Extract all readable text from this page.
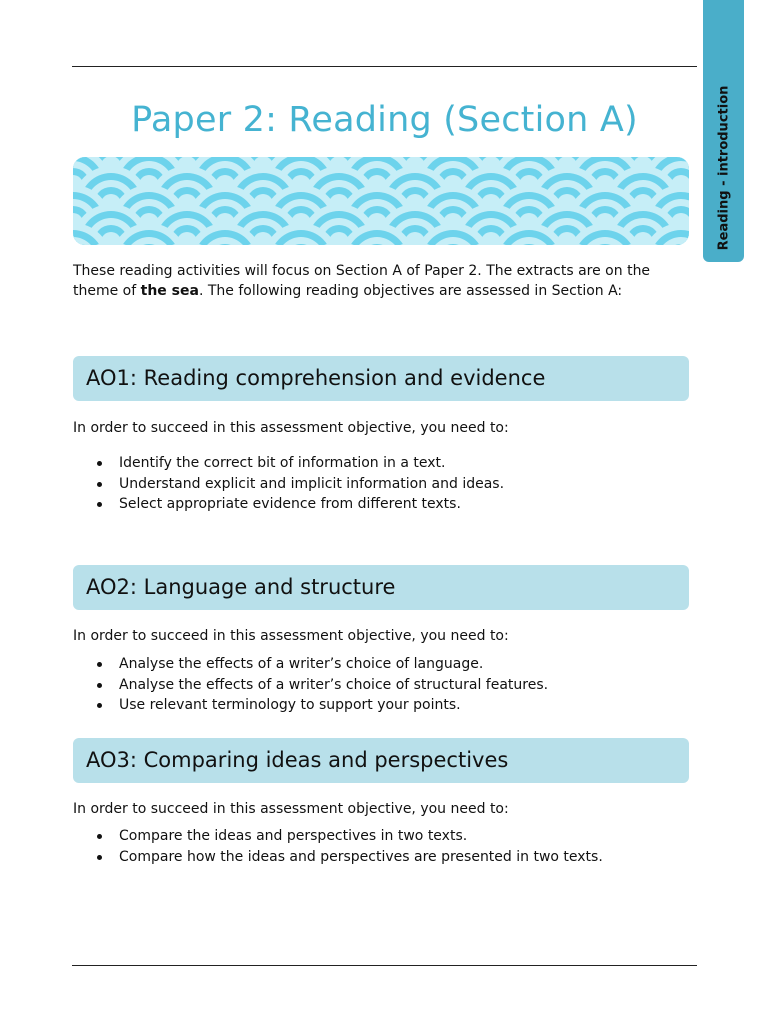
Reading - introduction
Paper 2: Reading (Section A)

These reading activities will focus on Section A of Paper 2. The extracts are on the theme of the sea. The following reading objectives are assessed in Section A:

AO1: Reading comprehension and evidence

In order to succeed in this assessment objective, you need to:

Identify the correct bit of information in a text.
Understand explicit and implicit information and ideas.
Select appropriate evidence from different texts.
AO2: Language and structure

In order to succeed in this assessment objective, you need to:

Analyse the effects of a writer’s choice of language.
Analyse the effects of a writer’s choice of structural features.
Use relevant terminology to support your points.
AO3: Comparing ideas and perspectives

In order to succeed in this assessment objective, you need to:

Compare the ideas and perspectives in two texts.
Compare how the ideas and perspectives are presented in two texts.
